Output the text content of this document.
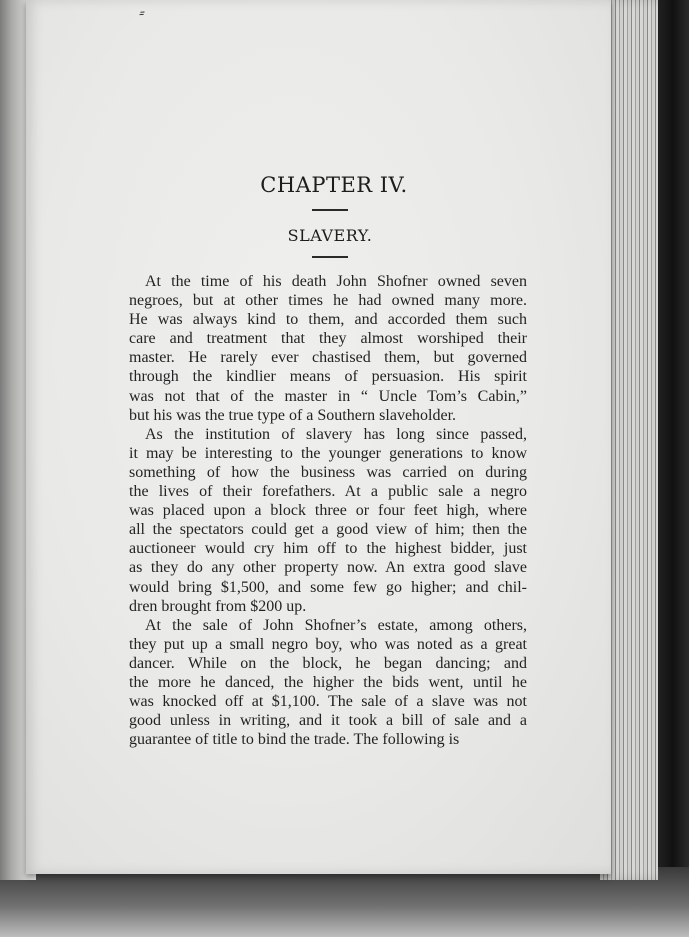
⸗
CHAPTER IV.
SLAVERY.
At the time of his death John Shofner owned seven
negroes, but at other times he had owned many more.
He was always kind to them, and accorded them such
care and treatment that they almost worshiped their
master. He rarely ever chastised them, but governed
through the kindlier means of persuasion. His spirit
was not that of the master in “ Uncle Tom’s Cabin,”
but his was the true type of a Southern slaveholder.
As the institution of slavery has long since passed,
it may be interesting to the younger generations to know
something of how the business was carried on during
the lives of their forefathers. At a public sale a negro
was placed upon a block three or four feet high, where
all the spectators could get a good view of him; then the
auctioneer would cry him off to the highest bidder, just
as they do any other property now. An extra good slave
would bring $1,500, and some few go higher; and chil-
dren brought from $200 up.
At the sale of John Shofner’s estate, among others,
they put up a small negro boy, who was noted as a great
dancer. While on the block, he began dancing; and
the more he danced, the higher the bids went, until he
was knocked off at $1,100. The sale of a slave was not
good unless in writing, and it took a bill of sale and a
guarantee of title to bind the trade. The following is
